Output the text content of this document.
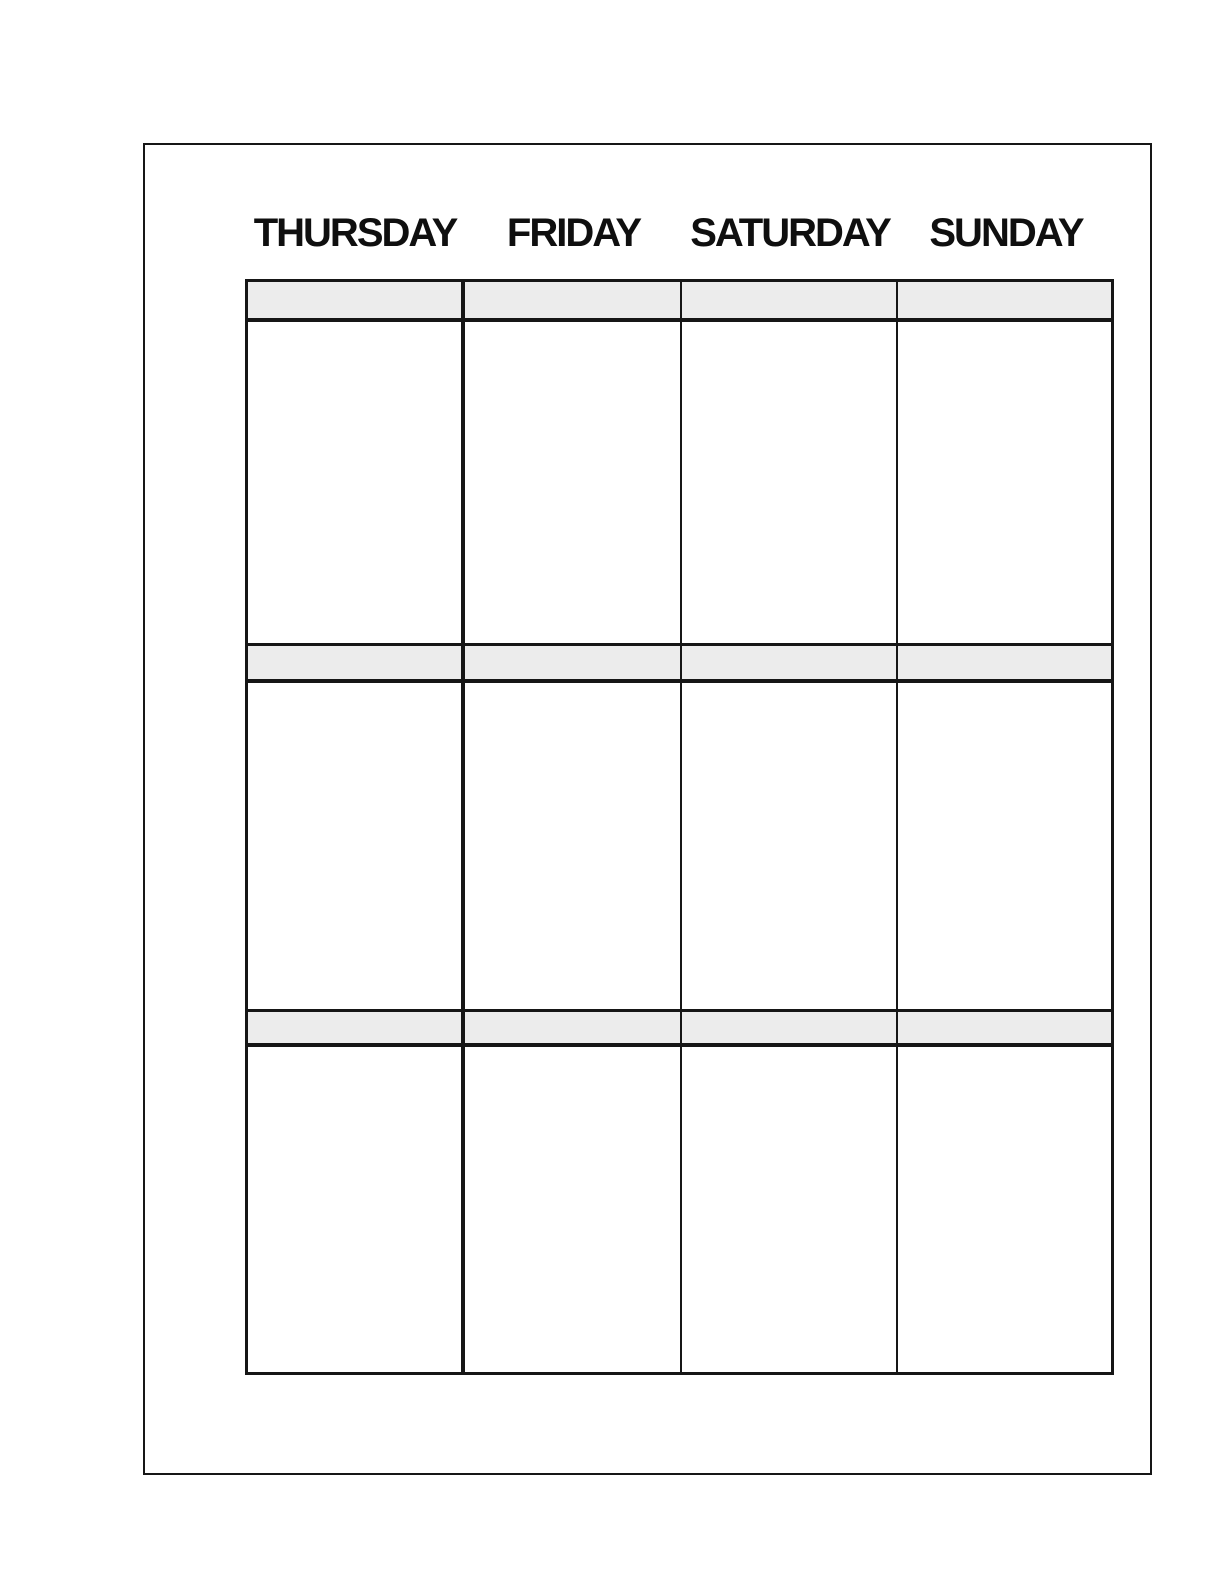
THURSDAY	FRIDAY	SATURDAY SUNDAY
